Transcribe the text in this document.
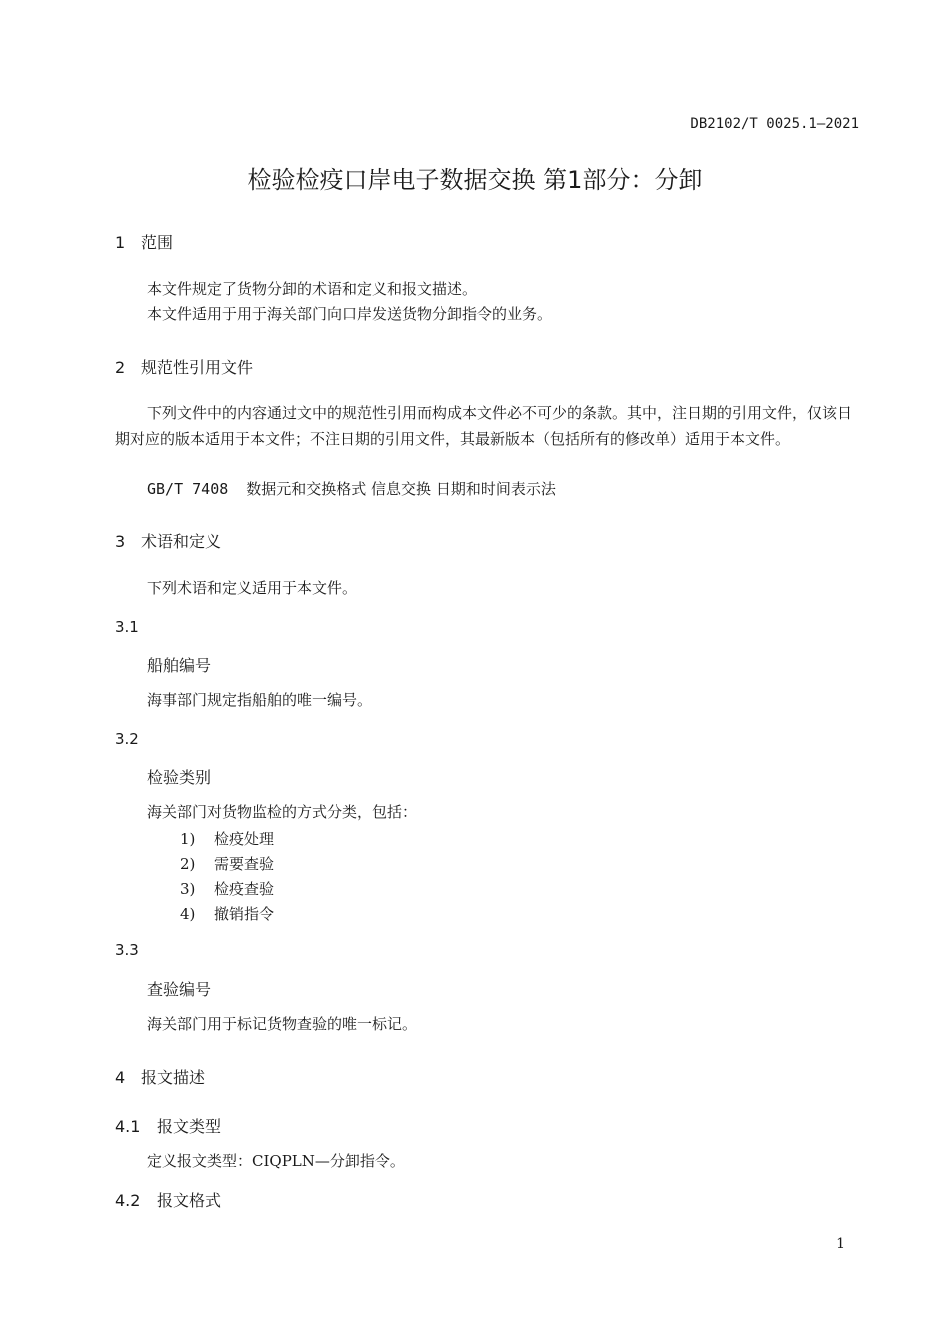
DB2102/T 0025.1—2021
检验检疫口岸电子数据交换 第1部分：分卸
1 范围
本文件规定了货物分卸的术语和定义和报文描述。
本文件适用于用于海关部门向口岸发送货物分卸指令的业务。
2 规范性引用文件
下列文件中的内容通过文中的规范性引用而构成本文件必不可少的条款。其中，注日期的引用文件，仅该日期对应的版本适用于本文件；不注日期的引用文件，其最新版本（包括所有的修改单）适用于本文件。
GB/T 7408 数据元和交换格式 信息交换 日期和时间表示法
3 术语和定义
下列术语和定义适用于本文件。
3.1
船舶编号
海事部门规定指船舶的唯一编号。
3.2
检验类别
海关部门对货物监检的方式分类，包括：
1) 检疫处理
2) 需要查验
3) 检疫查验
4) 撤销指令
3.3
查验编号
海关部门用于标记货物查验的唯一标记。
4 报文描述
4.1 报文类型
定义报文类型：CIQPLN—分卸指令。
4.2 报文格式
1
